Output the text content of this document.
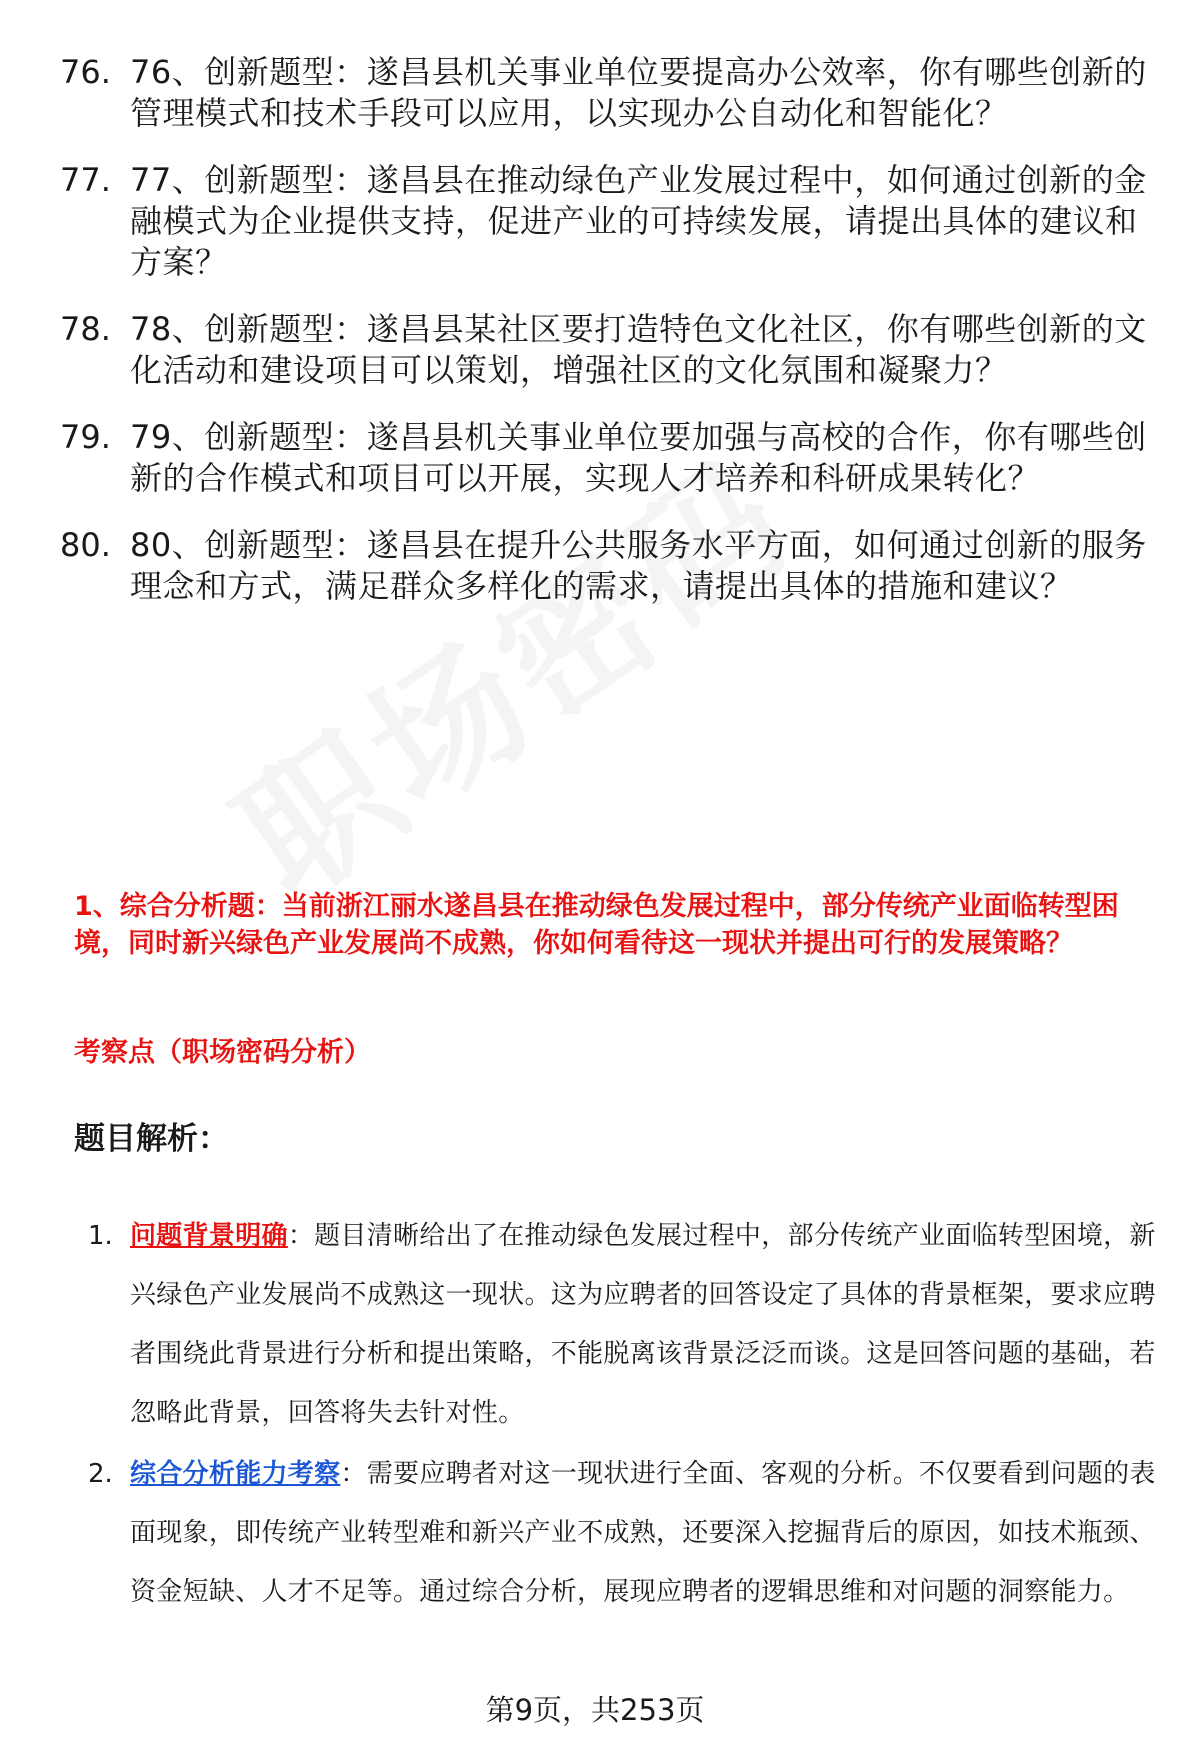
76. 76、创新题型：遂昌县机关事业单位要提高办公效率，你有哪些创新的管理模式和技术手段可以应用，以实现办公自动化和智能化？
77. 77、创新题型：遂昌县在推动绿色产业发展过程中，如何通过创新的金融模式为企业提供支持，促进产业的可持续发展，请提出具体的建议和方案？
78. 78、创新题型：遂昌县某社区要打造特色文化社区，你有哪些创新的文化活动和建设项目可以策划，增强社区的文化氛围和凝聚力？
79. 79、创新题型：遂昌县机关事业单位要加强与高校的合作，你有哪些创新的合作模式和项目可以开展，实现人才培养和科研成果转化？
80. 80、创新题型：遂昌县在提升公共服务水平方面，如何通过创新的服务理念和方式，满足群众多样化的需求，请提出具体的措施和建议？
1、综合分析题：当前浙江丽水遂昌县在推动绿色发展过程中，部分传统产业面临转型困境，同时新兴绿色产业发展尚不成熟，你如何看待这一现状并提出可行的发展策略？
考察点（职场密码分析）
题目解析：
1. 问题背景明确：题目清晰给出了在推动绿色发展过程中，部分传统产业面临转型困境，新兴绿色产业发展尚不成熟这一现状。这为应聘者的回答设定了具体的背景框架，要求应聘者围绕此背景进行分析和提出策略，不能脱离该背景泛泛而谈。这是回答问题的基础，若忽略此背景，回答将失去针对性。
2. 综合分析能力考察：需要应聘者对这一现状进行全面、客观的分析。不仅要看到问题的表面现象，即传统产业转型难和新兴产业不成熟，还要深入挖掘背后的原因，如技术瓶颈、资金短缺、人才不足等。通过综合分析，展现应聘者的逻辑思维和对问题的洞察能力。
第9页，共253页
